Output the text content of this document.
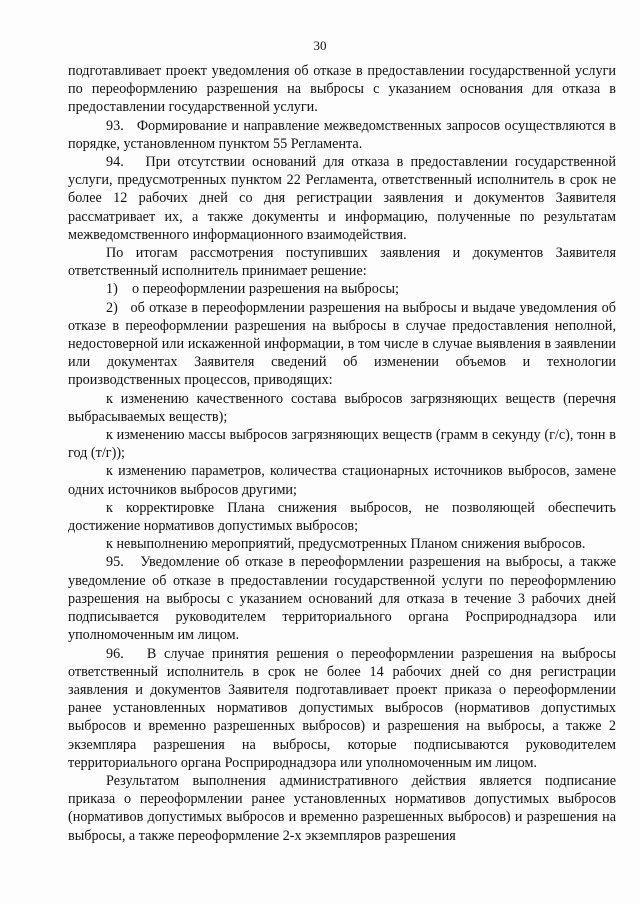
30

подготавливает проект уведомления об отказе в предоставлении государственной услуги по переоформлению разрешения на выбросы с указанием основания для отказа в предоставлении государственной услуги.

93.   Формирование и направление межведомственных запросов осуществляются в порядке, установленном пунктом 55 Регламента.

94.   При отсутствии оснований для отказа в предоставлении государственной услуги, предусмотренных пунктом 22 Регламента, ответственный исполнитель в срок не более 12 рабочих дней со дня регистрации заявления и документов Заявителя рассматривает их, а также документы и информацию, полученные по результатам межведомственного информационного взаимодействия.

По итогам рассмотрения поступивших заявления и документов Заявителя ответственный исполнитель принимает решение:

1)    о переоформлении разрешения на выбросы;

2)   об отказе в переоформлении разрешения на выбросы и выдаче уведомления об отказе в переоформлении разрешения на выбросы в случае предоставления неполной, недостоверной или искаженной информации, в том числе в случае выявления в заявлении или документах Заявителя сведений об изменении объемов и технологии производственных процессов, приводящих:

к изменению качественного состава выбросов загрязняющих веществ (перечня выбрасываемых веществ);

к изменению массы выбросов загрязняющих веществ (грамм в секунду (г/с), тонн в год (т/г));

к изменению параметров, количества стационарных источников выбросов, замене одних источников выбросов другими;

к корректировке Плана снижения выбросов, не позволяющей обеспечить достижение нормативов допустимых выбросов;

к невыполнению мероприятий, предусмотренных Планом снижения выбросов.

95.   Уведомление об отказе в переоформлении разрешения на выбросы, а также уведомление об отказе в предоставлении государственной услуги по переоформлению разрешения на выбросы с указанием оснований для отказа в течение 3 рабочих дней подписывается руководителем территориального органа Росприроднадзора или уполномоченным им лицом.

96.   В случае принятия решения о переоформлении разрешения на выбросы ответственный исполнитель в срок не более 14 рабочих дней со дня регистрации заявления и документов Заявителя подготавливает проект приказа о переоформлении ранее установленных нормативов допустимых выбросов (нормативов допустимых выбросов и временно разрешенных выбросов) и разрешения на выбросы, а также 2 экземпляра разрешения на выбросы, которые подписываются руководителем территориального органа Росприроднадзора или уполномоченным им лицом.

Результатом выполнения административного действия является подписание приказа о переоформлении ранее установленных нормативов допустимых выбросов (нормативов допустимых выбросов и временно разрешенных выбросов) и разрешения на выбросы, а также переоформление 2-х экземпляров разрешения
